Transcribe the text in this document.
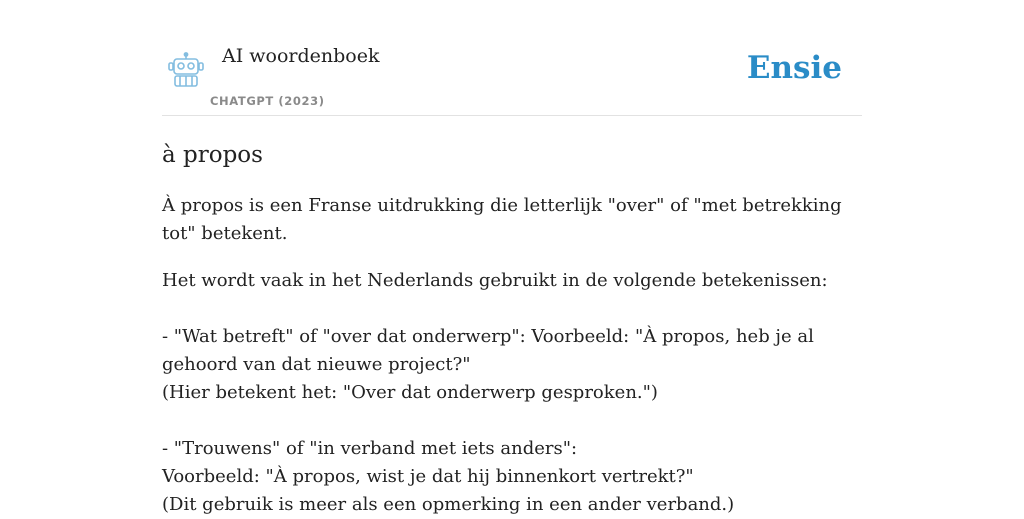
AI woordenboek
CHATGPT (2023)
Ensie
à propos
À propos is een Franse uitdrukking die letterlijk "over" of "met betrekking tot" betekent.
Het wordt vaak in het Nederlands gebruikt in de volgende betekenissen:

- "Wat betreft" of "over dat onderwerp": Voorbeeld: "À propos, heb je al gehoord van dat nieuwe project?"
(Hier betekent het: "Over dat onderwerp gesproken.")

- "Trouwens" of "in verband met iets anders":
Voorbeeld: "À propos, wist je dat hij binnenkort vertrekt?"
(Dit gebruik is meer als een opmerking in een ander verband.)
